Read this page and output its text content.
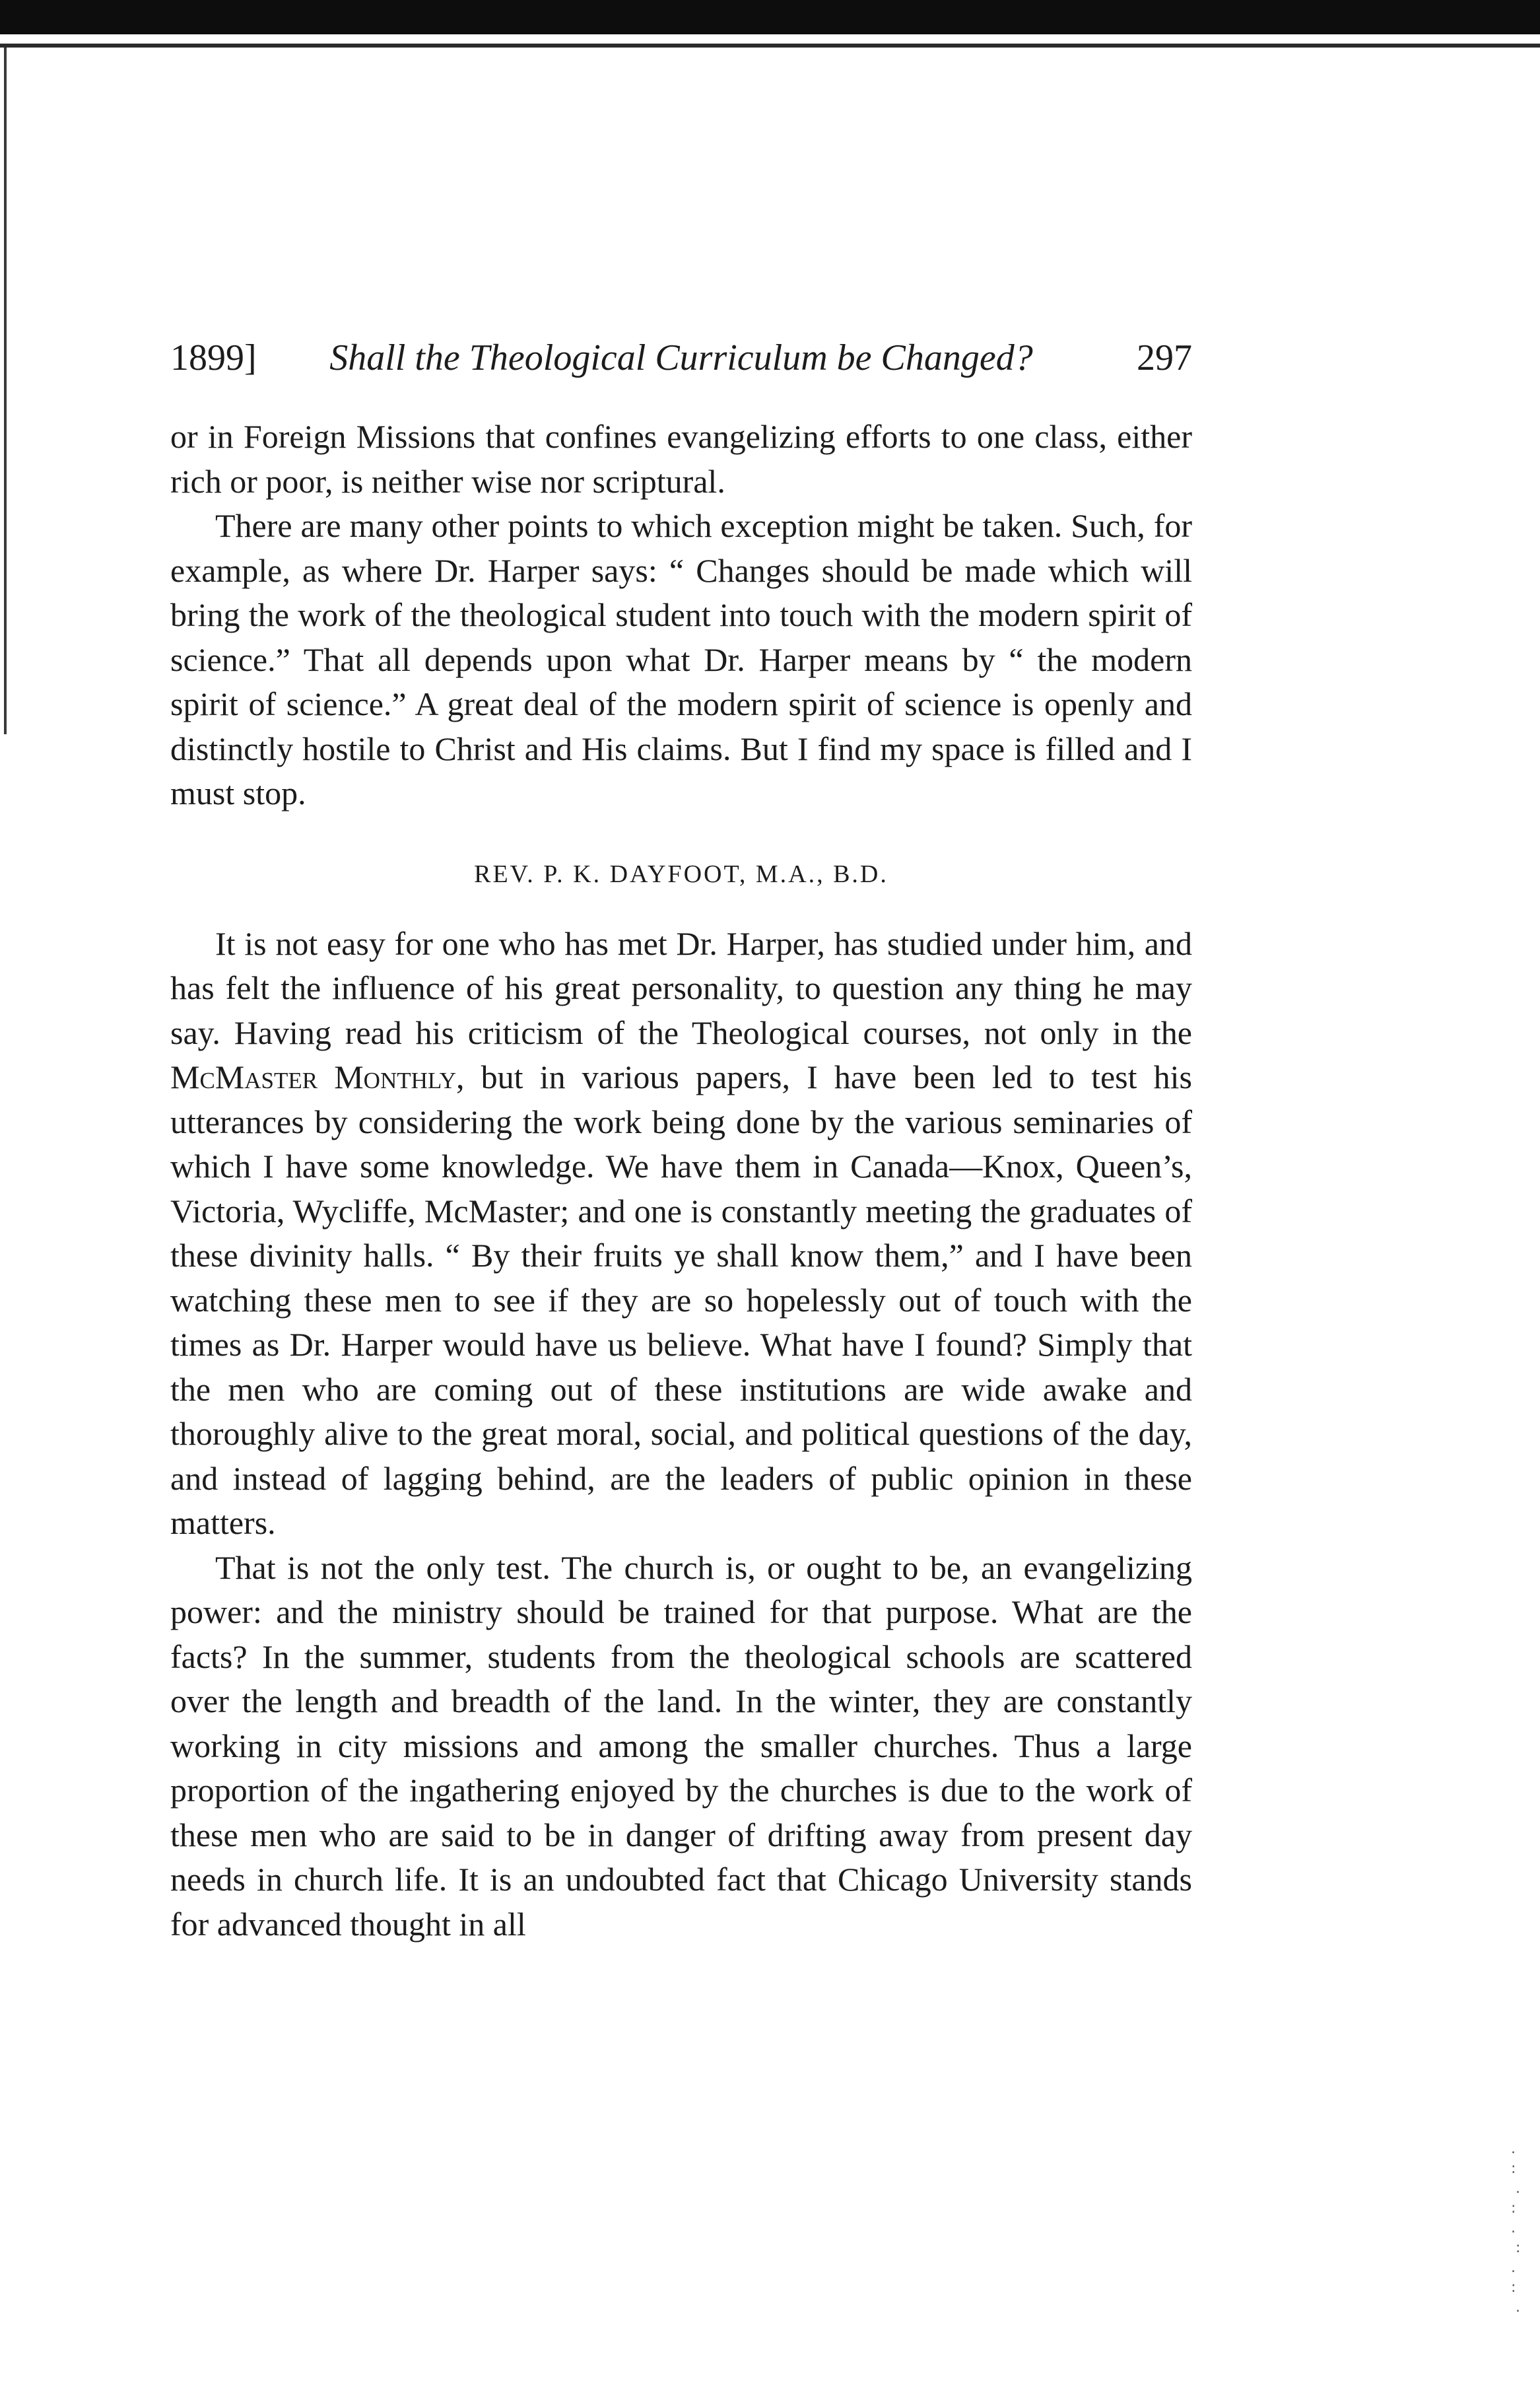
.
:
.
:
.
:
.
:
.
1899]	Shall the Theological Curriculum be Changed?	297

or in Foreign Missions that confines evangelizing efforts to one class, either rich or poor, is neither wise nor scriptural.

There are many other points to which exception might be taken. Such, for example, as where Dr. Harper says: “ Changes should be made which will bring the work of the theological student into touch with the modern spirit of science.” That all depends upon what Dr. Harper means by “ the modern spirit of science.” A great deal of the modern spirit of science is openly and distinctly hostile to Christ and His claims. But I find my space is filled and I must stop.

REV. P. K. DAYFOOT, M.A., B.D.

It is not easy for one who has met Dr. Harper, has studied under him, and has felt the influence of his great personality, to question any thing he may say. Having read his criticism of the Theological courses, not only in the McMaster Monthly, but in various papers, I have been led to test his utterances by considering the work being done by the various seminaries of which I have some knowledge. We have them in Canada—Knox, Queen’s, Victoria, Wycliffe, McMaster; and one is constantly meeting the graduates of these divinity halls. “ By their fruits ye shall know them,” and I have been watching these men to see if they are so hopelessly out of touch with the times as Dr. Harper would have us believe. What have I found? Simply that the men who are coming out of these institutions are wide awake and thoroughly alive to the great moral, social, and political questions of the day, and instead of lagging behind, are the leaders of public opinion in these matters.

That is not the only test. The church is, or ought to be, an evangelizing power: and the ministry should be trained for that purpose. What are the facts? In the summer, students from the theological schools are scattered over the length and breadth of the land. In the winter, they are constantly working in city missions and among the smaller churches. Thus a large proportion of the ingathering enjoyed by the churches is due to the work of these men who are said to be in danger of drifting away from present day needs in church life. It is an undoubted fact that Chicago University stands for advanced thought in all
